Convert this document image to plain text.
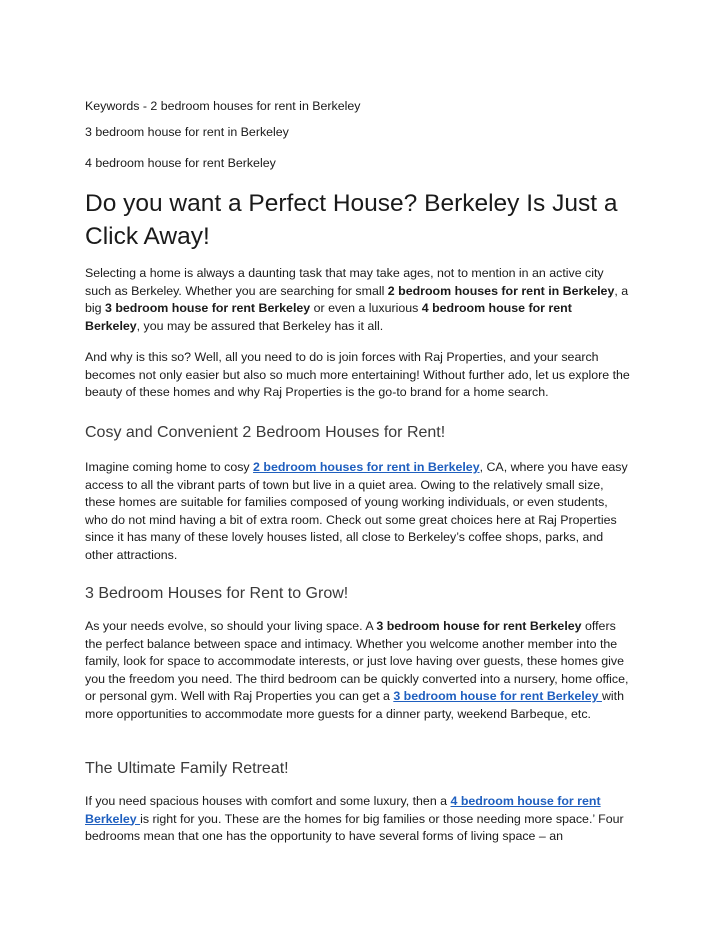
Keywords - 2 bedroom houses for rent in Berkeley
3 bedroom house for rent in Berkeley
4 bedroom house for rent Berkeley
Do you want a Perfect House? Berkeley Is Just a Click Away!

Selecting a home is always a daunting task that may take ages, not to mention in an active city such as Berkeley. Whether you are searching for small 2 bedroom houses for rent in Berkeley, a big 3 bedroom house for rent Berkeley or even a luxurious 4 bedroom house for rent Berkeley, you may be assured that Berkeley has it all.

And why is this so? Well, all you need to do is join forces with Raj Properties, and your search becomes not only easier but also so much more entertaining! Without further ado, let us explore the beauty of these homes and why Raj Properties is the go-to brand for a home search.

Cosy and Convenient 2 Bedroom Houses for Rent!

Imagine coming home to cosy 2 bedroom houses for rent in Berkeley, CA, where you have easy access to all the vibrant parts of town but live in a quiet area. Owing to the relatively small size, these homes are suitable for families composed of young working individuals, or even students, who do not mind having a bit of extra room. Check out some great choices here at Raj Properties since it has many of these lovely houses listed, all close to Berkeley’s coffee shops, parks, and other attractions.

3 Bedroom Houses for Rent to Grow!

As your needs evolve, so should your living space. A 3 bedroom house for rent Berkeley offers the perfect balance between space and intimacy. Whether you welcome another member into the family, look for space to accommodate interests, or just love having over guests, these homes give you the freedom you need. The third bedroom can be quickly converted into a nursery, home office, or personal gym. Well with Raj Properties you can get a 3 bedroom house for rent Berkeley with more opportunities to accommodate more guests for a dinner party, weekend Barbeque, etc.

The Ultimate Family Retreat!

If you need spacious houses with comfort and some luxury, then a 4 bedroom house for rent Berkeley is right for you. These are the homes for big families or those needing more space.’ Four bedrooms mean that one has the opportunity to have several forms of living space – an
